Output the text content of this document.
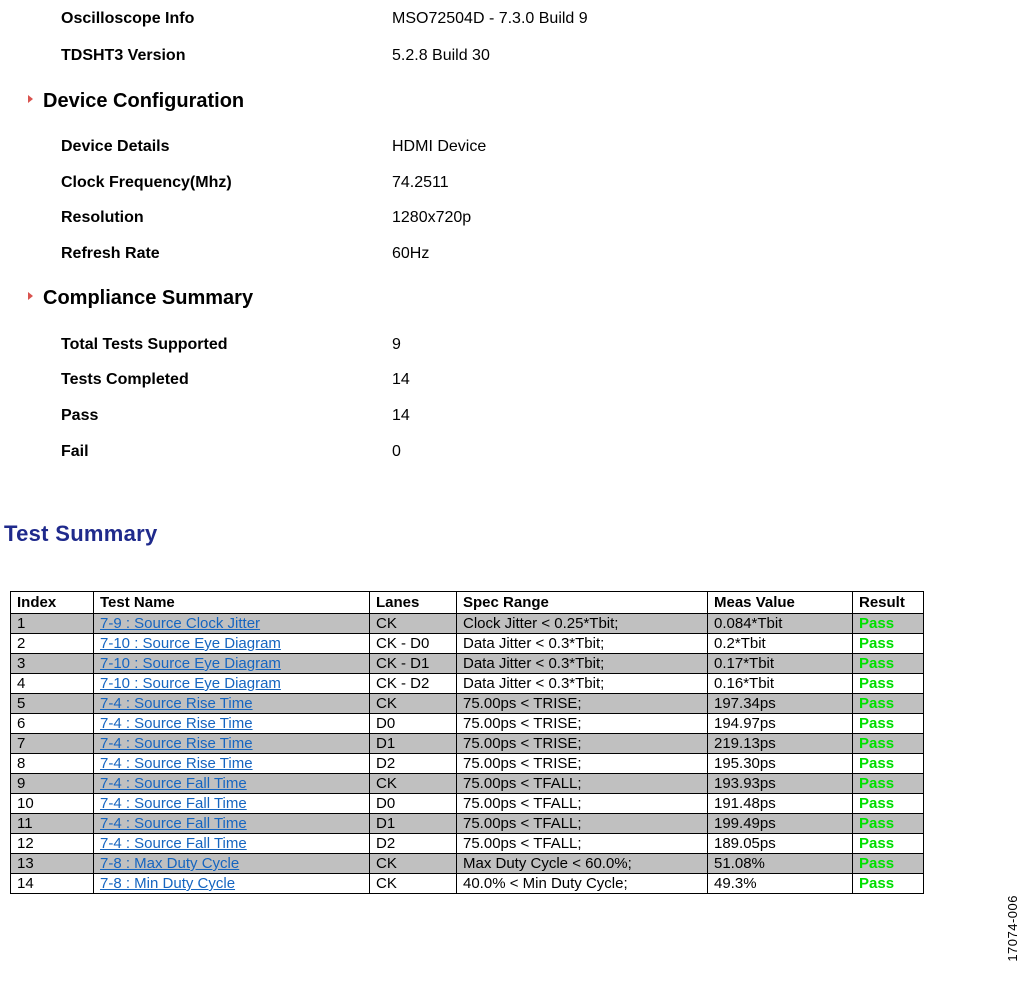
Oscilloscope Info	MSO72504D - 7.3.0 Build 9
TDSHT3 Version	5.2.8 Build 30
Device Configuration
Device Details	HDMI Device
Clock Frequency(Mhz)	74.2511
Resolution	1280x720p
Refresh Rate	60Hz
Compliance Summary
Total Tests Supported	9
Tests Completed	14
Pass	14
Fail	0
Test Summary
Index	Test Name	Lanes	Spec Range	Meas Value	Result
1	7-9 : Source Clock Jitter	CK	Clock Jitter < 0.25*Tbit;	0.084*Tbit	Pass
2	7-10 : Source Eye Diagram	CK - D0	Data Jitter < 0.3*Tbit;	0.2*Tbit	Pass
3	7-10 : Source Eye Diagram	CK - D1	Data Jitter < 0.3*Tbit;	0.17*Tbit	Pass
4	7-10 : Source Eye Diagram	CK - D2	Data Jitter < 0.3*Tbit;	0.16*Tbit	Pass
5	7-4 : Source Rise Time	CK	75.00ps < TRISE;	197.34ps	Pass
6	7-4 : Source Rise Time	D0	75.00ps < TRISE;	194.97ps	Pass
7	7-4 : Source Rise Time	D1	75.00ps < TRISE;	219.13ps	Pass
8	7-4 : Source Rise Time	D2	75.00ps < TRISE;	195.30ps	Pass
9	7-4 : Source Fall Time	CK	75.00ps < TFALL;	193.93ps	Pass
10	7-4 : Source Fall Time	D0	75.00ps < TFALL;	191.48ps	Pass
11	7-4 : Source Fall Time	D1	75.00ps < TFALL;	199.49ps	Pass
12	7-4 : Source Fall Time	D2	75.00ps < TFALL;	189.05ps	Pass
13	7-8 : Max Duty Cycle	CK	Max Duty Cycle < 60.0%;	51.08%	Pass
14	7-8 : Min Duty Cycle	CK	40.0% < Min Duty Cycle;	49.3%	Pass
17074-006
